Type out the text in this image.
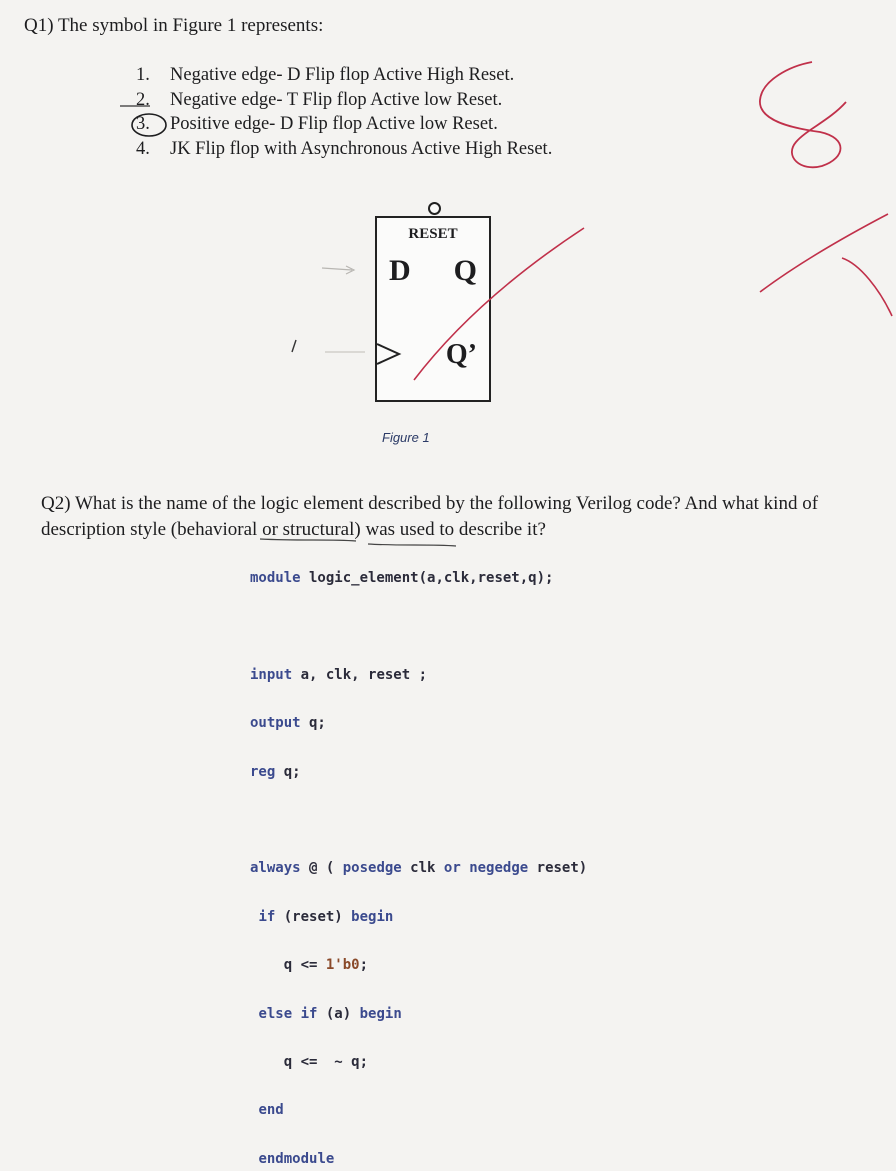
Q1) The symbol in Figure 1 represents:
1. Negative edge- D Flip flop Active High Reset.
2. Negative edge- T Flip flop Active low Reset.
3. Positive edge- D Flip flop Active low Reset.
4. JK Flip flop with Asynchronous Active High Reset.
RESET
D Q
Q’
Figure 1
Q2) What is the name of the logic element described by the following Verilog code? And what kind of description style (behavioral or structural) was used to describe it?
module logic_element(a,clk,reset,q);

input a, clk, reset ;

output q;

reg q;

always @ ( posedge clk or negedge reset)

if (reset) begin

q <= 1'b0;

else if (a) begin

q <=  ~ q;

end

endmodule
